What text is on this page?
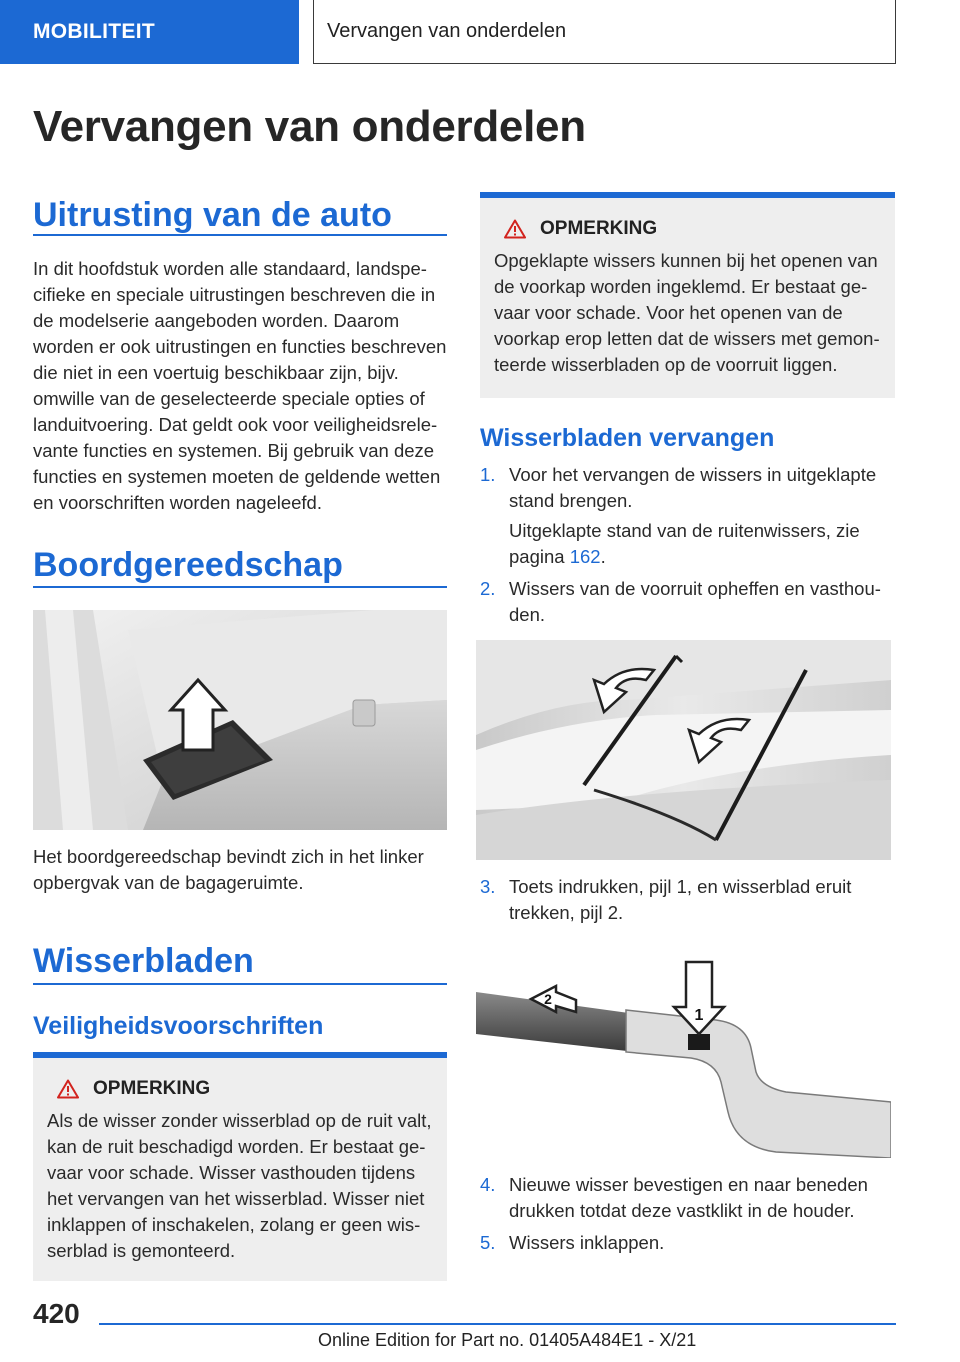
MOBILITEIT	Vervangen van onderdelen
Vervangen van onderdelen
Uitrusting van de auto
In dit hoofdstuk worden alle standaard, landspecifieke en speciale uitrustingen beschreven die in de modelserie aangeboden worden. Daarom worden er ook uitrustingen en functies beschreven die niet in een voertuig beschikbaar zijn, bijv. omwille van de geselecteerde speciale opties of landuitvoering. Dat geldt ook voor veiligheidsrelevante functies en systemen. Bij gebruik van deze functies en systemen moeten de geldende wetten en voorschriften worden nageleefd.
Boordgereedschap
Het boordgereedschap bevindt zich in het linker opbergvak van de bagageruimte.
Wisserbladen
Veiligheidsvoorschriften
OPMERKING
Als de wisser zonder wisserblad op de ruit valt, kan de ruit beschadigd worden. Er bestaat gevaar voor schade. Wisser vasthouden tijdens het vervangen van het wisserblad. Wisser niet inklappen of inschakelen, zolang er geen wisserblad is gemonteerd.
OPMERKING
Opgeklapte wissers kunnen bij het openen van de voorkap worden ingeklemd. Er bestaat gevaar voor schade. Voor het openen van de voorkap erop letten dat de wissers met gemonteerde wisserbladen op de voorruit liggen.
Wisserbladen vervangen
1. Voor het vervangen de wissers in uitgeklapte stand brengen.
Uitgeklapte stand van de ruitenwissers, zie pagina 162.
2. Wissers van de voorruit opheffen en vasthouden.
3. Toets indrukken, pijl 1, en wisserblad eruit trekken, pijl 2.
1
2
4. Nieuwe wisser bevestigen en naar beneden drukken totdat deze vastklikt in de houder.
5. Wissers inklappen.
420
Online Edition for Part no. 01405A484E1 - X/21
